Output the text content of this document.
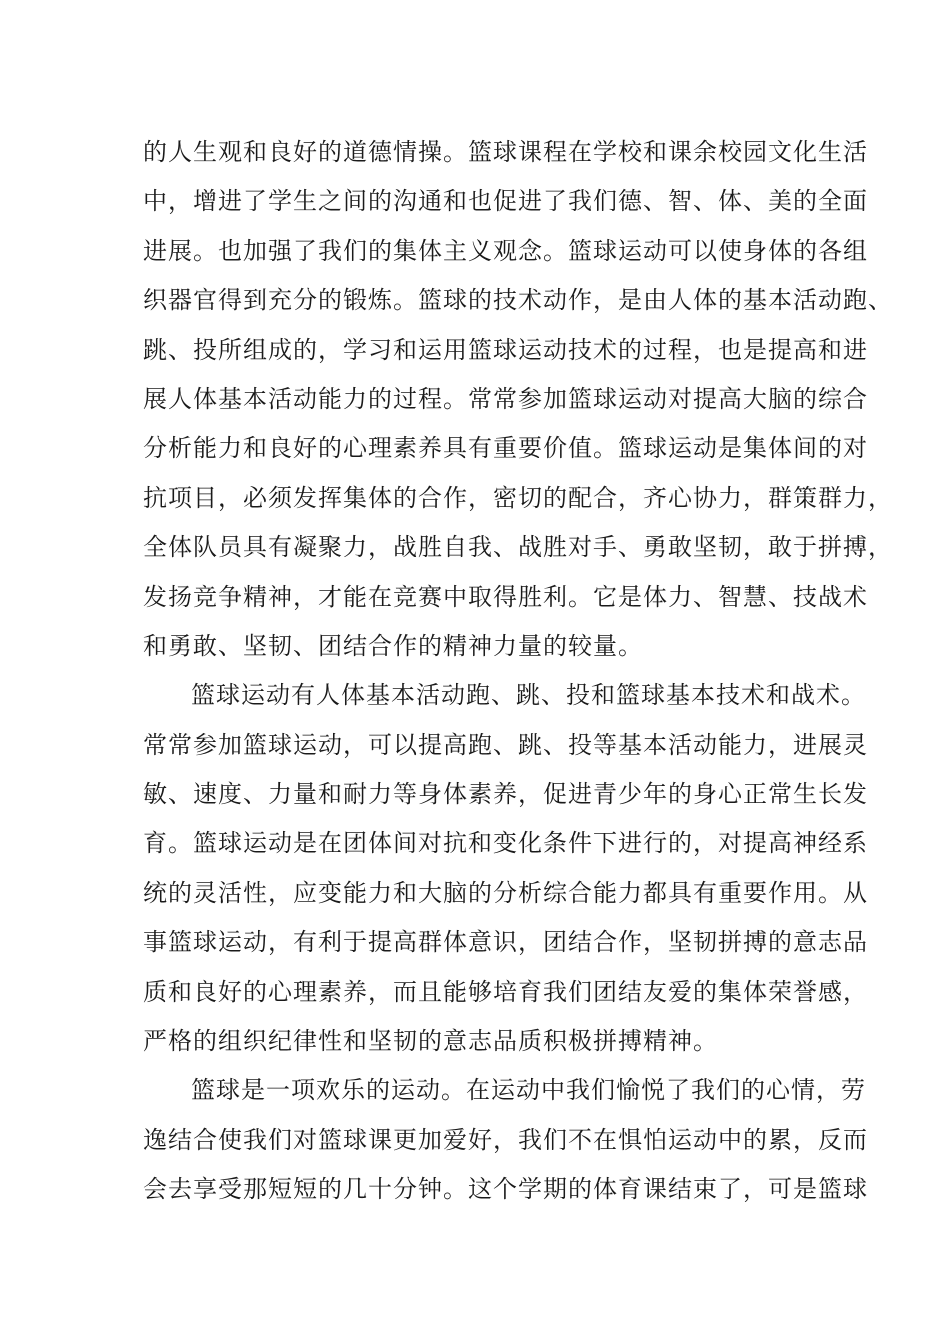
的人生观和良好的道德情操。篮球课程在学校和课余校园文化生活
中，增进了学生之间的沟通和也促进了我们德、智、体、美的全面
进展。也加强了我们的集体主义观念。篮球运动可以使身体的各组
织器官得到充分的锻炼。篮球的技术动作，是由人体的基本活动跑、
跳、投所组成的，学习和运用篮球运动技术的过程，也是提高和进
展人体基本活动能力的过程。常常参加篮球运动对提高大脑的综合
分析能力和良好的心理素养具有重要价值。篮球运动是集体间的对
抗项目，必须发挥集体的合作，密切的配合，齐心协力，群策群力，
全体队员具有凝聚力，战胜自我、战胜对手、勇敢坚韧，敢于拼搏，
发扬竞争精神，才能在竞赛中取得胜利。它是体力、智慧、技战术
和勇敢、坚韧、团结合作的精神力量的较量。
篮球运动有人体基本活动跑、跳、投和篮球基本技术和战术。
常常参加篮球运动，可以提高跑、跳、投等基本活动能力，进展灵
敏、速度、力量和耐力等身体素养，促进青少年的身心正常生长发
育。篮球运动是在团体间对抗和变化条件下进行的，对提高神经系
统的灵活性，应变能力和大脑的分析综合能力都具有重要作用。从
事篮球运动，有利于提高群体意识，团结合作，坚韧拼搏的意志品
质和良好的心理素养，而且能够培育我们团结友爱的集体荣誉感，
严格的组织纪律性和坚韧的意志品质积极拼搏精神。
篮球是一项欢乐的运动。在运动中我们愉悦了我们的心情，劳
逸结合使我们对篮球课更加爱好，我们不在惧怕运动中的累，反而
会去享受那短短的几十分钟。这个学期的体育课结束了，可是篮球
